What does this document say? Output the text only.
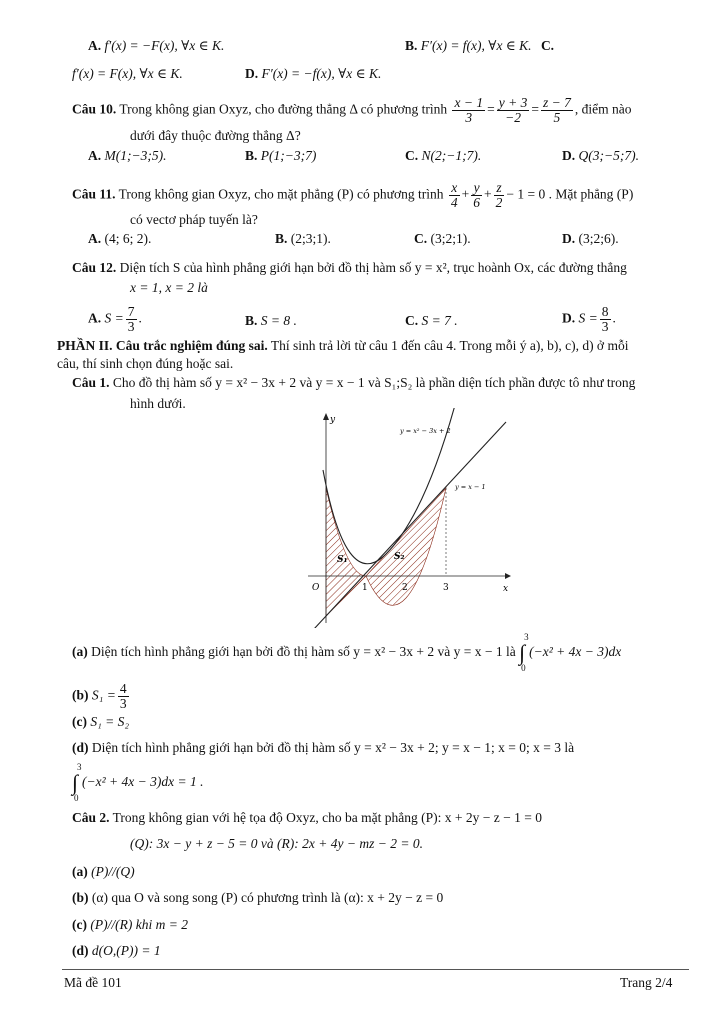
A. f′(x) = −F(x), ∀x ∈ K.	B. F′(x) = f(x), ∀x ∈ K. C.
f′(x) = F(x), ∀x ∈ K.	D. F′(x) = −f(x), ∀x ∈ K.
Câu 10. Trong không gian Oxyz, cho đường thẳng Δ có phương trình $\frac{x - 1}{3} = \frac{y + 3}{-2} = \frac{z - 7}{5}$ , điểm nào
dưới đây thuộc đường thẳng Δ?
A. M(1;−3;5).	B. P(1;−3;7)	C. N(2;−1;7).	D. Q(3;−5;7).
Câu 11. Trong không gian Oxyz, cho mặt phẳng (P) có phương trình $\frac{x}{4} + \frac{y}{6} + \frac{z}{2} - 1 = 0$ . Mặt phẳng (P)
có vectơ pháp tuyến là?
A. (4; 6; 2).	B. (2;3;1).	C. (3;2;1).	D. (3;2;6).
Câu 12. Diện tích S của hình phẳng giới hạn bởi đồ thị hàm số y = x², trục hoành Ox, các đường thẳng
x = 1, x = 2 là
A. $S = \frac{7}{3}$ .	B. S = 8 .	C. S = 7 .	D. $S = \frac{8}{3}$ .
PHẦN II. Câu trắc nghiệm đúng sai. Thí sinh trả lời từ câu 1 đến câu 4. Trong mỗi ý a), b), c), d) ở mỗi
câu, thí sinh chọn đúng hoặc sai.
Câu 1. Cho đồ thị hàm số y = x² − 3x + 2 và y = x − 1 và S₁;S₂ là phần diện tích phần được tô như trong
hình dưới.
y
x
O	1	2	3
y = x² − 3x + 2
y = x − 1
S₁	S₂
(a) Diện tích hình phẳng giới hạn bởi đồ thị hàm số y = x² − 3x + 2 và y = x − 1 là ∫
3
0
(−x² + 4x − 3)dx
(b) $S_1 = \frac{4}{3}$
(c) S₁ = S₂
(d) Diện tích hình phẳng giới hạn bởi đồ thị hàm số y = x² − 3x + 2; y = x − 1; x = 0; x = 3 là
∫
3
0
(−x² + 4x − 3)dx = 1 .
Câu 2. Trong không gian với hệ tọa độ Oxyz, cho ba mặt phẳng (P): x + 2y − z − 1 = 0
(Q): 3x − y + z − 5 = 0 và (R): 2x + 4y − mz − 2 = 0.
(a) (P)//(Q)
(b) (α) qua O và song song (P) có phương trình là (α): x + 2y − z = 0
(c) (P)//(R) khi m = 2
(d) d(O,(P)) = 1
Mã đề 101	Trang 2/4
